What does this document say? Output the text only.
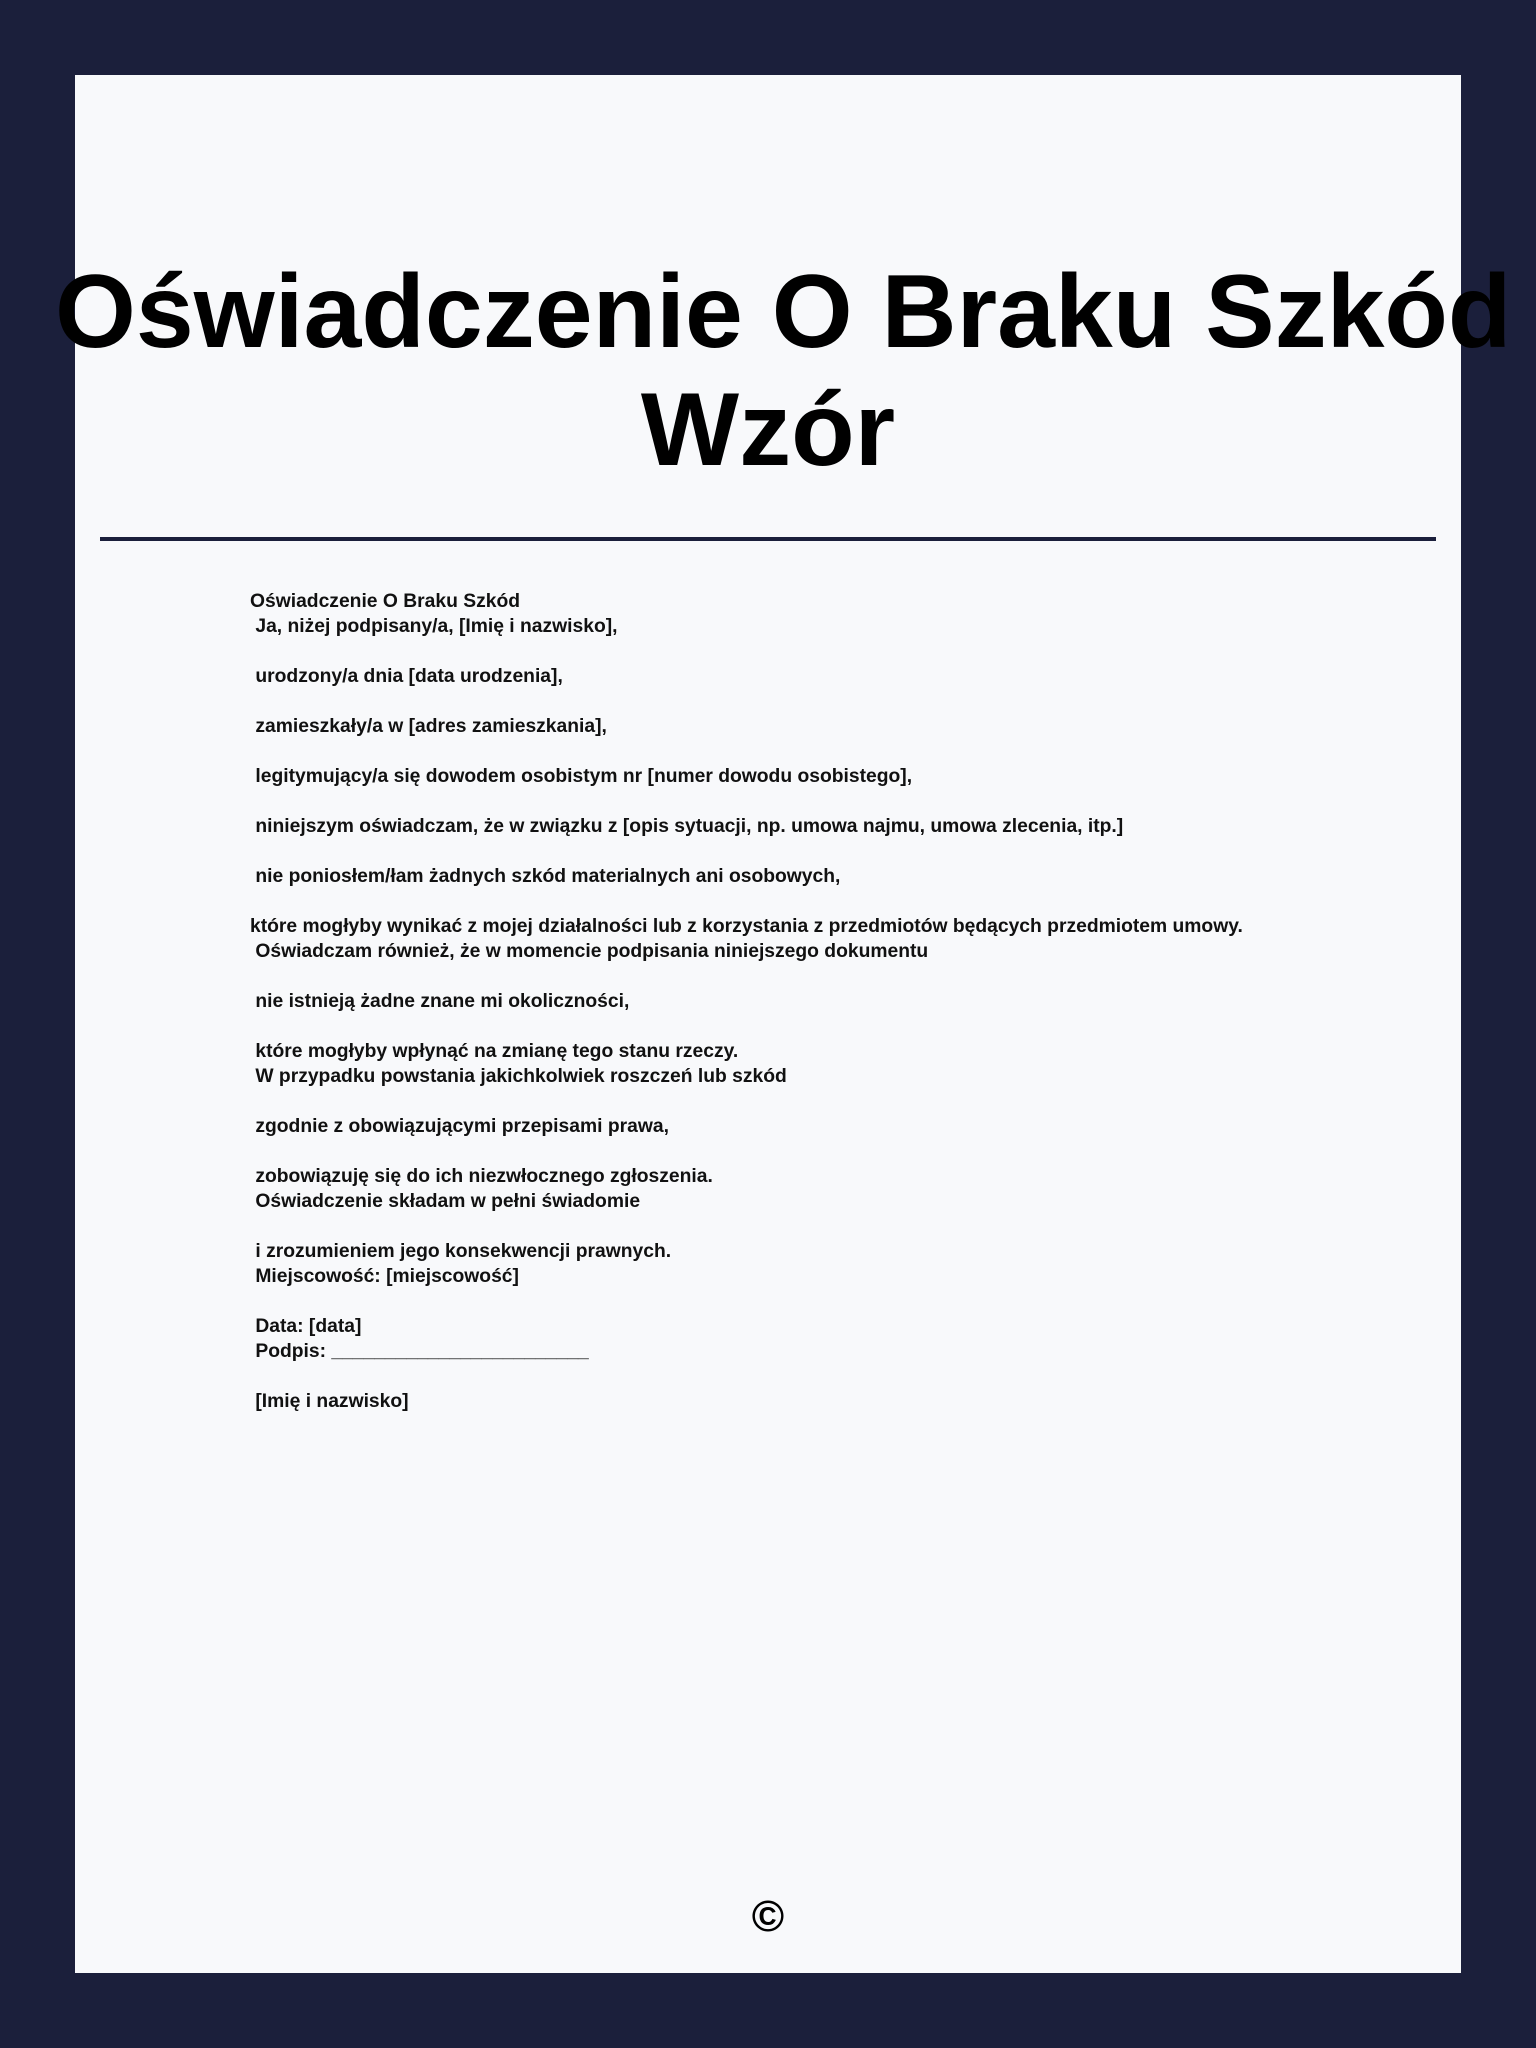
Oświadczenie O Braku Szkód
Wzór
Oświadczenie O Braku Szkód
Ja, niżej podpisany/a, [Imię i nazwisko],
urodzony/a dnia [data urodzenia],
zamieszkały/a w [adres zamieszkania],
legitymujący/a się dowodem osobistym nr [numer dowodu osobistego],
niniejszym oświadczam, że w związku z [opis sytuacji, np. umowa najmu, umowa zlecenia, itp.]
nie poniosłem/łam żadnych szkód materialnych ani osobowych,
które mogłyby wynikać z mojej działalności lub z korzystania z przedmiotów będących przedmiotem umowy.
Oświadczam również, że w momencie podpisania niniejszego dokumentu
nie istnieją żadne znane mi okoliczności,
które mogłyby wpłynąć na zmianę tego stanu rzeczy.
W przypadku powstania jakichkolwiek roszczeń lub szkód
zgodnie z obowiązującymi przepisami prawa,
zobowiązuję się do ich niezwłocznego zgłoszenia.
Oświadczenie składam w pełni świadomie
i zrozumieniem jego konsekwencji prawnych.
Miejscowość: [miejscowość]
Data: [data]
Podpis: ________________________
[Imię i nazwisko]
©
